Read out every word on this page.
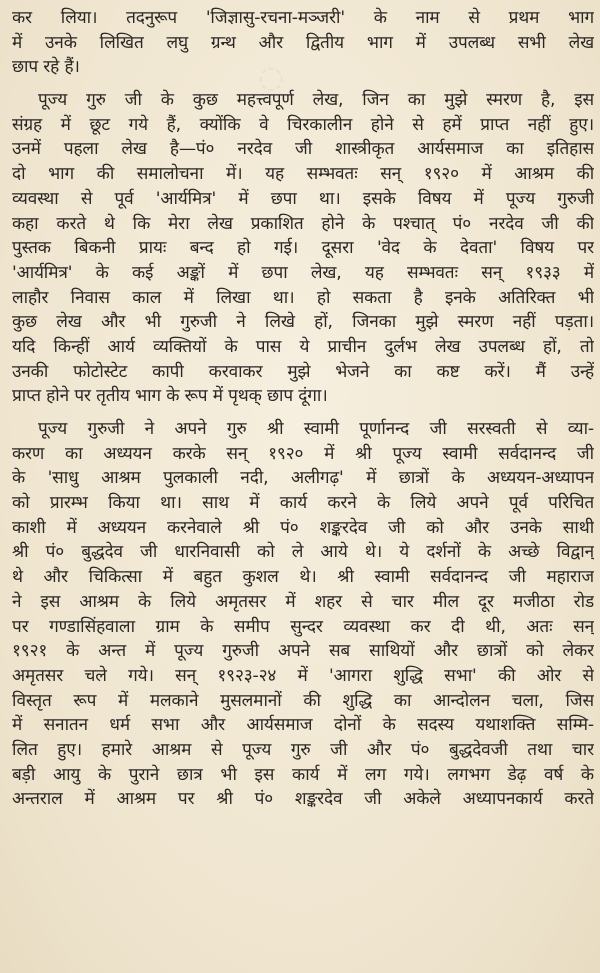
◌
कर लिया। तदनुरूप 'जिज्ञासु-रचना-मञ्जरी' के नाम से प्रथम भाग
में उनके लिखित लघु ग्रन्थ और द्वितीय भाग में उपलब्ध सभी लेख
छाप रहे हैं।
पूज्य गुरु जी के कुछ महत्त्वपूर्ण लेख, जिन का मुझे स्मरण है, इस
संग्रह में छूट गये हैं, क्योंकि वे चिरकालीन होने से हमें प्राप्त नहीं हुए।
उनमें पहला लेख है—पं० नरदेव जी शास्त्रीकृत आर्यसमाज का इतिहास
दो भाग की समालोचना में। यह सम्भवतः सन् १९२० में आश्रम की
व्यवस्था से पूर्व 'आर्यमित्र' में छपा था। इसके विषय में पूज्य गुरुजी
कहा करते थे कि मेरा लेख प्रकाशित होने के पश्चात् पं० नरदेव जी की
पुस्तक बिकनी प्रायः बन्द हो गई। दूसरा 'वेद के देवता' विषय पर
'आर्यमित्र' के कई अङ्कों में छपा लेख, यह सम्भवतः सन् १९३३ में
लाहौर निवास काल में लिखा था। हो सकता है इनके अतिरिक्त भी
कुछ लेख और भी गुरुजी ने लिखे हों, जिनका मुझे स्मरण नहीं पड़ता।
यदि किन्हीं आर्य व्यक्तियों के पास ये प्राचीन दुर्लभ लेख उपलब्ध हों, तो
उनकी फोटोस्टेट कापी करवाकर मुझे भेजने का कष्ट करें। मैं उन्हें
प्राप्त होने पर तृतीय भाग के रूप में पृथक् छाप दूंगा।
पूज्य गुरुजी ने अपने गुरु श्री स्वामी पूर्णानन्द जी सरस्वती से व्या-
करण का अध्ययन करके सन् १९२० में श्री पूज्य स्वामी सर्वदानन्द जी
के 'साधु आश्रम पुलकाली नदी, अलीगढ़' में छात्रों के अध्ययन-अध्यापन
को प्रारम्भ किया था। साथ में कार्य करने के लिये अपने पूर्व परिचित
काशी में अध्ययन करनेवाले श्री पं० शङ्करदेव जी को और उनके साथी
श्री पं० बुद्धदेव जी धारनिवासी को ले आये थे। ये दर्शनों के अच्छे विद्वान्
थे और चिकित्सा में बहुत कुशल थे। श्री स्वामी सर्वदानन्द जी महाराज
ने इस आश्रम के लिये अमृतसर में शहर से चार मील दूर मजीठा रोड
पर गण्डासिंहवाला ग्राम के समीप सुन्दर व्यवस्था कर दी थी, अतः सन्
१९२१ के अन्त में पूज्य गुरुजी अपने सब साथियों और छात्रों को लेकर
अमृतसर चले गये। सन् १९२३-२४ में 'आगरा शुद्धि सभा' की ओर से
विस्तृत रूप में मलकाने मुसलमानों की शुद्धि का आन्दोलन चला, जिस
में सनातन धर्म सभा और आर्यसमाज दोनों के सदस्य यथाशक्ति सम्मि-
लित हुए। हमारे आश्रम से पूज्य गुरु जी और पं० बुद्धदेवजी तथा चार
बड़ी आयु के पुराने छात्र भी इस कार्य में लग गये। लगभग डेढ़ वर्ष के
अन्तराल में आश्रम पर श्री पं० शङ्करदेव जी अकेले अध्यापनकार्य करते
